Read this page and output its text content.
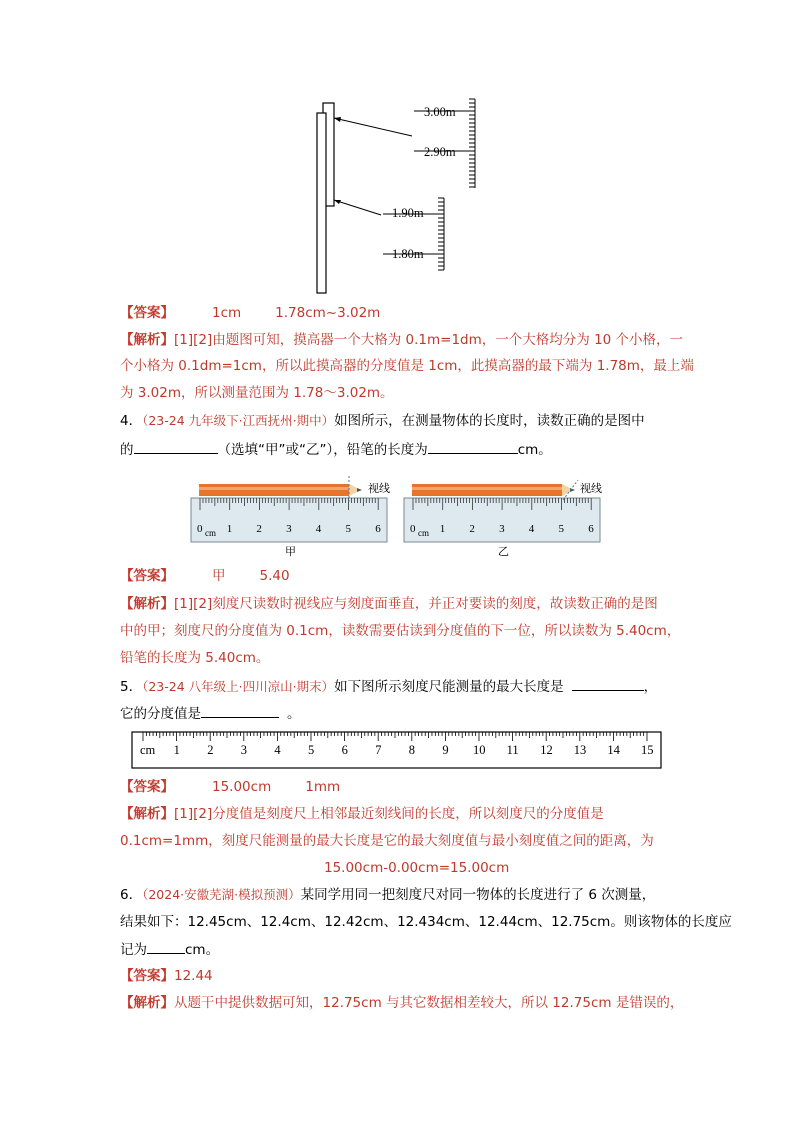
3.00m
2.90m
1.90m
1.80m
【答案】	1cm	1.78cm~3.02m
【解析】[1][2]由题图可知，摸高器一个大格为 0.1m=1dm，一个大格均分为 10 个小格，一
个小格为 0.1dm=1cm，所以此摸高器的分度值是 1cm，此摸高器的最下端为 1.78m，最上端
为 3.02m，所以测量范围为 1.78～3.02m。
4．（23-24 九年级下·江西抚州·期中）如图所示，在测量物体的长度时，读数正确的是图中
的	（选填“甲”或“乙”），铅笔的长度为	cm。
0 1 2 3 4 5 6
cm
视线
甲
0 1 2 3 4 5 6
cm
视线
乙
【答案】	甲	5.40
【解析】[1][2]刻度尺读数时视线应与刻度面垂直，并正对要读的刻度，故读数正确的是图
中的甲；刻度尺的分度值为 0.1cm，读数需要估读到分度值的下一位，所以读数为 5.40cm，
铅笔的长度为 5.40cm。
5．（23-24 八年级上·四川凉山·期末）如下图所示刻度尺能测量的最大长度是	，
它的分度值是	。
cm 1 2 3 4 5 6 7 8 9 10 11 12 13 14 15
【答案】	15.00cm	1mm
【解析】[1][2]分度值是刻度尺上相邻最近刻线间的长度，所以刻度尺的分度值是
0.1cm=1mm，刻度尺能测量的最大长度是它的最大刻度值与最小刻度值之间的距离，为
15.00cm-0.00cm=15.00cm
6．（2024·安徽芜湖·模拟预测）某同学用同一把刻度尺对同一物体的长度进行了 6 次测量，
结果如下：12.45cm、12.4cm、12.42cm、12.434cm、12.44cm、12.75cm。则该物体的长度应
记为	cm。
【答案】12.44
【解析】从题干中提供数据可知，12.75cm 与其它数据相差较大，所以 12.75cm 是错误的，
